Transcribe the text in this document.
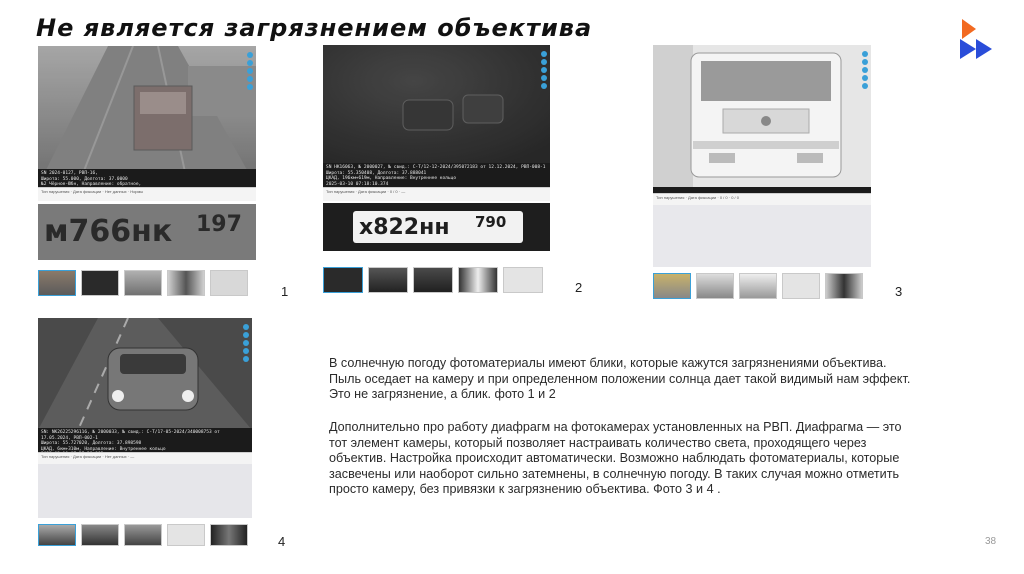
Не является загрязнением объектива
SN 2024-0127, РВП-16,
Широта: 55.000, Долгота: 37.0000
№2 Чёрное-Юбн, Направление: обратное,
Тип нарушения · Дата фиксации · Нет данных · Нормы
м766нк 197
1
SN HK16063, № 2000027, № свид.: С-Т/12-12-2024/395072183 от 12.12.2024, РВП-008-1
Широта: 55.350408, Долгота: 37.888041
ЦКАД, 196км+619м, Направление: Внутреннее кольцо
2025-03-10 07:18:10.374
Тип нарушения · Дата фиксации · 0 / 0 · —
х822нн 790
2
Тип нарушения · Дата фиксации · 0 / 0 · 0 / 0
3
SN: NK26225296116, № 2000033, № свид.: С-Т/17-05-2024/340008753 от 17.05.2024, РВП-002-1
Широта: 55.727020, Долгота: 37.898598
ЦКАД, 6км+310м, Направление: Внутреннее кольцо
Тип нарушения · Дата фиксации · Нет данных · —
4

В солнечную погоду фотоматериалы имеют блики, которые кажутся загрязнениями объектива. Пыль оседает на камеру и при определенном положении солнца дает такой видимый нам эффект. Это не загрязнение, а блик. фото 1 и 2

Дополнительно про работу диафрагм на фотокамерах установленных на РВП. Диафрагма — это тот элемент камеры, который позволяет настраивать количество света, проходящего через объектив. Настройка происходит автоматически. Возможно наблюдать фотоматериалы, которые засвечены или наоборот сильно затемнены, в солнечную погоду. В таких случая можно отметить просто камеру, без привязки к загрязнению объектива. Фото 3 и 4 .

38
